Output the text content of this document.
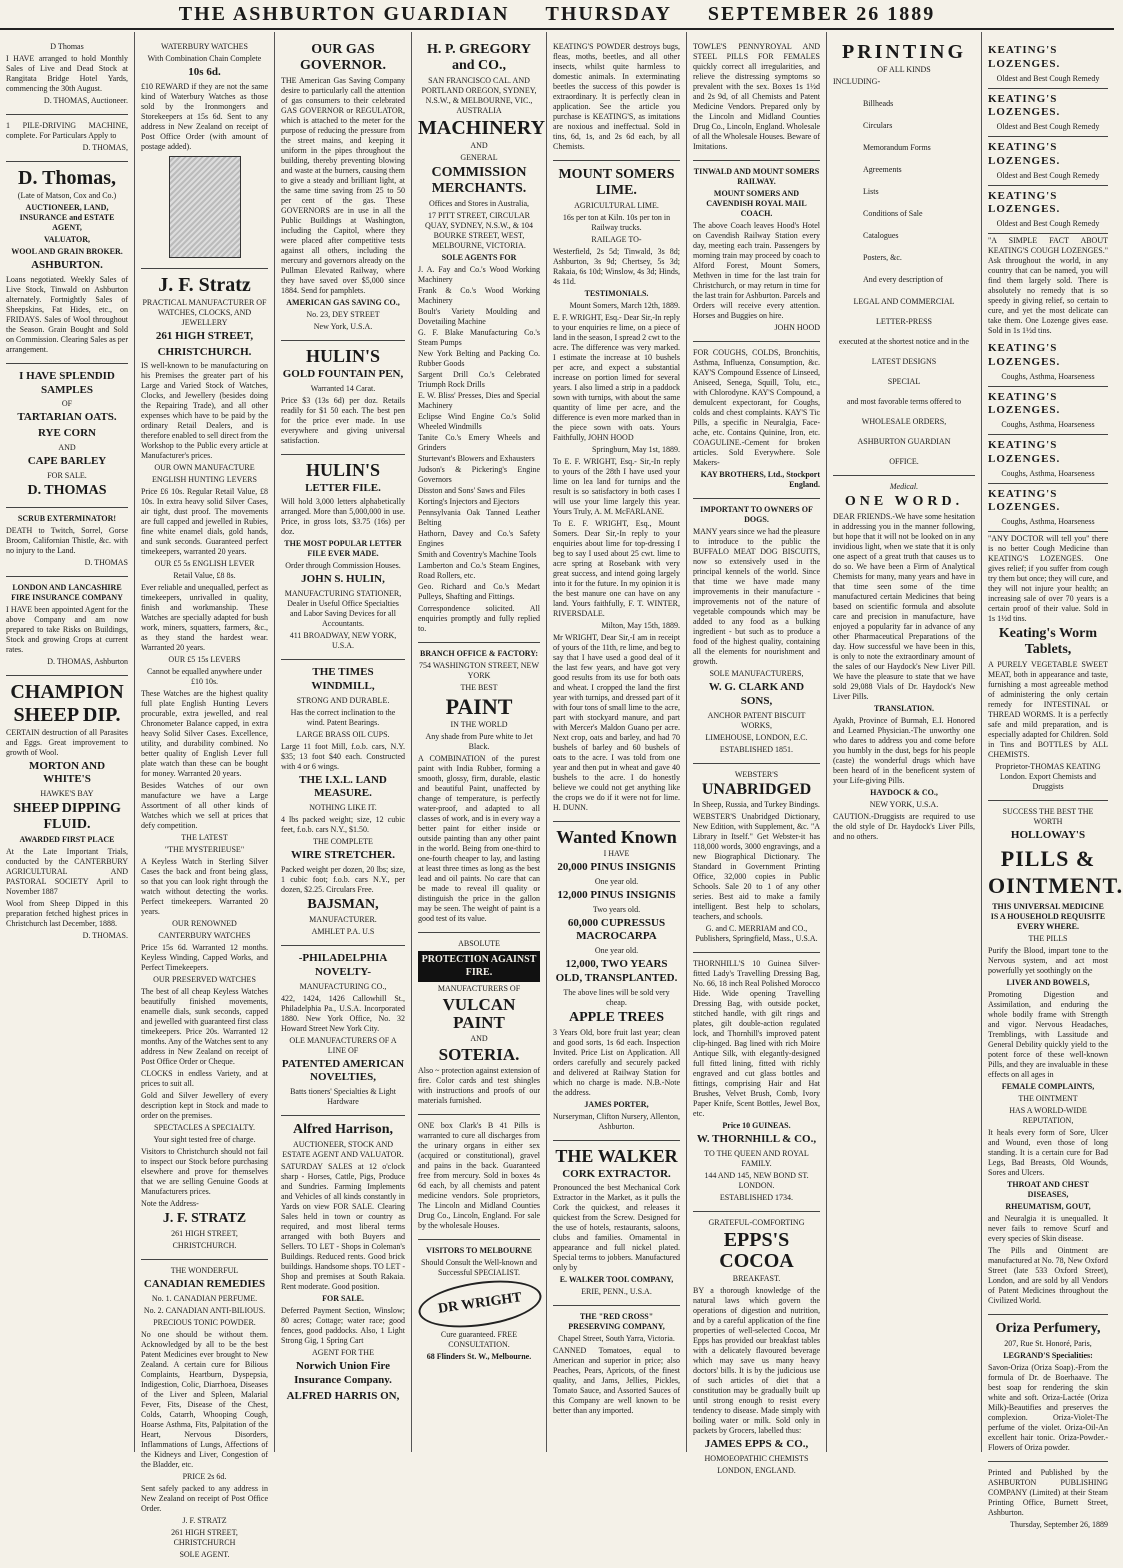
THE ASHBURTON GUARDIAN THURSDAY SEPTEMBER 26 1889

D Thomas

I HAVE arranged to hold Monthly Sales of Live and Dead Stock at Rangitata Bridge Hotel Yards, commencing the 30th August.

D. THOMAS, Auctioneer.

1 PILE-DRIVING MACHINE, complete. For Particulars Apply to

D. THOMAS,

D. Thomas,

(Late of Matson, Cox and Co.)

AUCTIONEER, LAND, INSURANCE and ESTATE AGENT,

VALUATOR,

WOOL AND GRAIN BROKER.

ASHBURTON.

Loans negotiated. Weekly Sales of Live Stock, Tinwald on Ashburton alternately. Fortnightly Sales of Sheepskins, Fat Hides, etc., on FRIDAYS. Sales of Wool throughout the Season. Grain Bought and Sold on Commission. Clearing Sales as per arrangement.

I HAVE SPLENDID SAMPLES

OF

TARTARIAN OATS.

RYE CORN

AND

CAPE BARLEY

FOR SALE.

D. THOMAS

SCRUB EXTERMINATOR!

DEATH to Twitch, Sorrel, Gorse Broom, Californian Thistle, &c. with no injury to the Land.

D. THOMAS

LONDON AND LANCASHIRE FIRE INSURANCE COMPANY

I HAVE been appointed Agent for the above Company and am now prepared to take Risks on Buildings, Stock and growing Crops at current rates.

D. THOMAS, Ashburton

CHAMPION

SHEEP DIP.

CERTAIN destruction of all Parasites and Eggs. Great improvement to growth of Wool.

MORTON AND WHITE'S

HAWKE'S BAY

SHEEP DIPPING FLUID.

AWARDED FIRST PLACE

At the Late Important Trials, conducted by the CANTERBURY AGRICULTURAL AND PASTORAL SOCIETY April to November 1887

Wool from Sheep Dipped in this preparation fetched highest prices in Christchurch last December, 1888.

D. THOMAS.

WATERBURY WATCHES

With Combination Chain Complete

10s 6d.

£10 REWARD if they are not the same kind of Waterbury Watches as those sold by the Ironmongers and Storekeepers at 15s 6d. Sent to any address in New Zealand on receipt of Post Office Order (with amount of postage added).

J. F. Stratz

PRACTICAL MANUFACTURER OF WATCHES, CLOCKS, AND JEWELLERY

261 HIGH STREET,

CHRISTCHURCH.

IS well-known to be manufacturing on his Premises the greater part of his Large and Varied Stock of Watches, Clocks, and Jewellery (besides doing the Repairing Trade), and all other expenses which have to be paid by the ordinary Retail Dealers, and is therefore enabled to sell direct from the Workshop to the Public every article at Manufacturer's prices.

OUR OWN MANUFACTURE

ENGLISH HUNTING LEVERS

Price £6 10s. Regular Retail Value, £8 10s. In extra heavy solid Silver Cases, air tight, dust proof. The movements are full capped and jewelled in Rubies, fine white enamel dials, gold hands, and sunk seconds. Guaranteed perfect timekeepers, warranted 20 years.

OUR £5 5s ENGLISH LEVER

Retail Value, £8 8s.

Ever reliable and unequalled, perfect as timekeepers, unrivalled in quality, finish and workmanship. These Watches are specially adapted for bush work, miners, squatters, farmers, &c., as they stand the hardest wear. Warranted 20 years.

OUR £5 15s LEVERS

Cannot be equalled anywhere under £10 10s.

These Watches are the highest quality full plate English Hunting Levers procurable, extra jewelled, and real Chronometer Balance capped, in extra heavy Solid Silver Cases. Excellence, utility, and durability combined. No better quality of English Lever full plate watch than these can be bought for money. Warranted 20 years.

Besides Watches of our own manufacture we have a Large Assortment of all other kinds of Watches which we sell at prices that defy competition.

THE LATEST

"THE MYSTERIEUSE"

A Keyless Watch in Sterling Silver Cases the back and front being glass, so that you can look right through the watch without detecting the works. Perfect timekeepers. Warranted 20 years.

OUR RENOWNED

CANTERBURY WATCHES

Price 15s 6d. Warranted 12 months. Keyless Winding, Capped Works, and Perfect Timekeepers.

OUR PRESERVED WATCHES

The best of all cheap Keyless Watches beautifully finished movements, enamelle dials, sunk seconds, capped and jewelled with guaranteed first class timekeepers. Price 20s. Warranted 12 months. Any of the Watches sent to any address in New Zealand on receipt of Post Office Order or Cheque.

CLOCKS in endless Variety, and at prices to suit all.

Gold and Silver Jewellery of every description kept in Stock and made to order on the premises.

SPECTACLES A SPECIALTY.

Your sight tested free of charge.

Visitors to Christchurch should not fail to inspect our Stock before purchasing elsewhere and prove for themselves that we are selling Genuine Goods at Manufacturers prices.

Note the Address-

J. F. STRATZ

261 HIGH STREET,

CHRISTCHURCH.

THE WONDERFUL

CANADIAN REMEDIES

No. 1. CANADIAN PERFUME.

No. 2. CANADIAN ANTI-BILIOUS.

PRECIOUS TONIC POWDER.

No one should be without them. Acknowledged by all to be the best Patent Medicines ever brought to New Zealand. A certain cure for Bilious Complaints, Heartburn, Dyspepsia, Indigestion, Colic, Diarrhoea, Diseases of the Liver and Spleen, Malarial Fever, Fits, Disease of the Chest, Colds, Catarrh, Whooping Cough, Hoarse Asthma, Fits, Palpitation of the Heart, Nervous Disorders, Inflammations of Lungs, Affections of the Kidneys and Liver, Congestion of the Bladder, etc.

PRICE 2s 6d.

Sent safely packed to any address in New Zealand on receipt of Post Office Order.

J. F. STRATZ

261 HIGH STREET, CHRISTCHURCH

SOLE AGENT.

OUR GAS GOVERNOR.

THE American Gas Saving Company desire to particularly call the attention of gas consumers to their celebrated GAS GOVERNOR or REGULATOR, which is attached to the meter for the purpose of reducing the pressure from the street mains, and keeping it uniform in the pipes throughout the building, thereby preventing blowing and waste at the burners, causing them to give a steady and brilliant light, at the same time saving from 25 to 50 per cent of the gas. These GOVERNORS are in use in all the Public Buildings at Washington, including the Capitol, where they were placed after competitive tests against all others, including the mercury and governors already on the Pullman Elevated Railway, where they have saved over $5,000 since 1884. Send for pamphlets.

AMERICAN GAS SAVING CO.,

No. 23, DEY STREET

New York, U.S.A.

HULIN'S

GOLD FOUNTAIN PEN,

Warranted 14 Carat.

Price $3 (13s 6d) per doz. Retails readily for $1 50 each. The best pen for the price ever made. In use everywhere and giving universal satisfaction.

HULIN'S

LETTER FILE.

Will hold 3,000 letters alphabetically arranged. More than 5,000,000 in use. Price, in gross lots, $3.75 (16s) per doz.

THE MOST POPULAR LETTER FILE EVER MADE.

Order through Commission Houses.

JOHN S. HULIN,

MANUFACTURING STATIONER, Dealer in Useful Office Specialties and Labor Saving Devices for all Accountants.

411 BROADWAY, NEW YORK, U.S.A.

THE TIMES WINDMILL,

STRONG AND DURABLE.

Has the correct inclination to the wind. Patent Bearings.

LARGE BRASS OIL CUPS.

Large 11 foot Mill, f.o.b. cars, N.Y. $35; 13 foot $40 each. Constructed with 4 or 6 wings.

THE I.X.L. LAND MEASURE.

NOTHING LIKE IT.

4 lbs packed weight; size, 12 cubic feet, f.o.b. cars N.Y., $1.50.

THE COMPLETE

WIRE STRETCHER.

Packed weight per dozen, 20 lbs; size, 1 cubic foot; f.o.b. cars N.Y., per dozen, $2.25. Circulars Free.

BAJSMAN,

MANUFACTURER.

AMHLET P.A. U.S

-PHILADELPHIA NOVELTY-

MANUFACTURING CO.,

422, 1424, 1426 Callowhill St., Philadelphia Pa., U.S.A. Incorporated 1880. New York Office, No. 32 Howard Street New York City.

OLE MANUFACTURERS OF A LINE OF

PATENTED AMERICAN NOVELTIES,

Batts tioners' Specialties & Light Hardware

Alfred Harrison,

AUCTIONEER, STOCK AND ESTATE AGENT AND VALUATOR.

SATURDAY SALES at 12 o'clock sharp - Horses, Cattle, Pigs, Produce and Sundries. Farming Implements and Vehicles of all kinds constantly in Yards on view FOR SALE. Clearing Sales held in town or country as required, and most liberal terms arranged with both Buyers and Sellers. TO LET - Shops in Coleman's Buildings. Reduced rents. Good brick buildings. Handsome shops. TO LET - Shop and premises at South Rakaia. Rent moderate. Good position.

FOR SALE.

Deferred Payment Section, Winslow; 80 acres; Cottage; water race; good fences, good paddocks. Also, 1 Light Strong Gig, 1 Spring Cart

AGENT FOR THE

Norwich Union Fire Insurance Company.

ALFRED HARRIS ON,

H. P. GREGORY and CO.,

SAN FRANCISCO CAL. AND PORTLAND OREGON, SYDNEY, N.S.W., & MELBOURNE, VIC., AUSTRALIA

MACHINERY

AND

GENERAL

COMMISSION MERCHANTS.

Offices and Stores in Australia,

17 PITT STREET, CIRCULAR QUAY, SYDNEY, N.S.W., & 104 BOURKE STREET, WEST, MELBOURNE, VICTORIA.

SOLE AGENTS FOR

J. A. Fay and Co.'s Wood Working Machinery

Frank & Co.'s Wood Working Machinery

Boult's Variety Moulding and Dovetailing Machine

G. F. Blake Manufacturing Co.'s Steam Pumps

New York Belting and Packing Co. Rubber Goods

Sargent Drill Co.'s Celebrated Triumph Rock Drills

E. W. Bliss' Presses, Dies and Special Machinery

Eclipse Wind Engine Co.'s Solid Wheeled Windmills

Tanite Co.'s Emery Wheels and Grinders

Sturtevant's Blowers and Exhausters

Judson's & Pickering's Engine Governors

Disston and Sons' Saws and Files

Korting's Injectors and Ejectors

Pennsylvania Oak Tanned Leather Belting

Hathorn, Davey and Co.'s Safety Engines

Smith and Coventry's Machine Tools

Lamberton and Co.'s Steam Engines, Road Rollers, etc.

Geo. Richard and Co.'s Medart Pulleys, Shafting and Fittings.

Correspondence solicited. All enquiries promptly and fully replied to.

BRANCH OFFICE & FACTORY:

754 WASHINGTON STREET, NEW YORK

THE BEST

PAINT

IN THE WORLD

Any shade from Pure white to Jet Black.

A COMBINATION of the purest paint with India Rubber, forming a smooth, glossy, firm, durable, elastic and beautiful Paint, unaffected by change of temperature, is perfectly water-proof, and adapted to all classes of work, and is in every way a better paint for either inside or outside painting than any other paint in the world. Being from one-third to one-fourth cheaper to lay, and lasting at least three times as long as the best lead and oil paints. No care that can be made to reveal ill quality or distinguish the price in the gallon may be seen. The weight of paint is a good test of its value.

ABSOLUTE

PROTECTION AGAINST FIRE.

MANUFACTURERS OF

VULCAN PAINT

AND

SOTERIA.

Also ~ protection against extension of fire. Color cards and test shingles with instructions and proofs of our materials furnished.

ONE box Clark's B 41 Pills is warranted to cure all discharges from the urinary organs in either sex (acquired or constitutional), gravel and pains in the back. Guaranteed free from mercury. Sold in boxes 4s 6d each, by all chemists and patent medicine vendors. Sole proprietors, The Lincoln and Midland Counties Drug Co., Lincoln, England. For sale by the wholesale Houses.

VISITORS TO MELBOURNE

Should Consult the Well-known and Successful SPECIALIST.

DR WRIGHT

Cure guaranteed. FREE CONSULTATION.

68 Flinders St. W., Melbourne.

KEATING'S POWDER destroys bugs, fleas, moths, beetles, and all other insects, whilst quite harmless to domestic animals. In exterminating beetles the success of this powder is extraordinary. It is perfectly clean in application. See the article you purchase is KEATING'S, as imitations are noxious and ineffectual. Sold in tins, 6d, 1s, and 2s 6d each, by all Chemists.

MOUNT SOMERS LIME.

AGRICULTURAL LIME.

16s per ton at Kiln. 10s per ton in Railway trucks.

RAILAGE TO-

Westerfield, 2s 5d; Tinwald, 3s 8d; Ashburton, 3s 9d; Chertsey, 5s 3d; Rakaia, 6s 10d; Winslow, 4s 3d; Hinds, 4s 11d.

TESTIMONIALS.

Mount Somers, March 12th, 1889.

E. F. WRIGHT, Esq.- Dear Sir,-In reply to your enquiries re lime, on a piece of land in the season, I spread 2 cwt to the acre. The difference was very marked. I estimate the increase at 10 bushels per acre, and expect a substantial increase on portion limed for several years. I also limed a strip in a paddock sown with turnips, with about the same quantity of lime per acre, and the difference is even more marked than in the piece sown with oats. Yours Faithfully, JOHN HOOD

Springburn, May 1st, 1889.

To E. F. WRIGHT, Esq.- Sir,-In reply to yours of the 28th I have used your lime on lea land for turnips and the result is so satisfactory in both cases I will use your lime largely this year. Yours Truly, A. M. McFARLANE.

To E. F. WRIGHT, Esq., Mount Somers. Dear Sir,-In reply to your enquiries about lime for top-dressing I beg to say I used about 25 cwt. lime to acre spring at Rosebank with very great success, and intend going largely into it for the future. In my opinion it is the best manure one can have on any land. Yours faithfully, F. T. WINTER, RIVERSDALE.

Milton, May 15th, 1889.

Mr WRIGHT, Dear Sir,-I am in receipt of yours of the 11th, re lime, and beg to say that I have used a good deal of it the last few years, and have got very good results from its use for both oats and wheat. I cropped the land the first year with turnips, and dressed part of it with four tons of small lime to the acre, part with stockyard manure, and part with Mercer's Maldon Guano per acre. Next crop, oats and barley, and had 70 bushels of barley and 60 bushels of oats to the acre. I was told from one year and then put in wheat and gave 40 bushels to the acre. I do honestly believe we could not get anything like the crops we do if it were not for lime. H. DUNN.

Wanted Known

I HAVE

20,000 PINUS INSIGNIS

One year old.

12,000 PINUS INSIGNIS

Two years old.

60,000 CUPRESSUS MACROCARPA

One year old.

12,000, TWO YEARS OLD, TRANSPLANTED.

The above lines will be sold very cheap.

APPLE TREES

3 Years Old, bore fruit last year; clean and good sorts, 1s 6d each. Inspection Invited. Price List on Application. All orders carefully and securely packed and delivered at Railway Station for which no charge is made. N.B.-Note the address.

JAMES PORTER,

Nurseryman, Clifton Nursery, Allenton, Ashburton.

THE WALKER

CORK EXTRACTOR.

Pronounced the best Mechanical Cork Extractor in the Market, as it pulls the Cork the quickest, and releases it quickest from the Screw. Designed for the use of hotels, restaurants, saloons, clubs and families. Ornamental in appearance and full nickel plated. Special terms to jobbers. Manufactured only by

E. WALKER TOOL COMPANY,

ERIE, PENN., U.S.A.

THE "RED CROSS" PRESERVING COMPANY,

Chapel Street, South Yarra, Victoria.

CANNED Tomatoes, equal to American and superior in price; also Peaches, Pears, Apricots, of the finest quality, and Jams, Jellies, Pickles, Tomato Sauce, and Assorted Sauces of this Company are well known to be better than any imported.

TOWLE'S PENNYROYAL AND STEEL PILLS FOR FEMALES quickly correct all irregularities, and relieve the distressing symptoms so prevalent with the sex. Boxes 1s 1½d and 2s 9d, of all Chemists and Patent Medicine Vendors. Prepared only by the Lincoln and Midland Counties Drug Co., Lincoln, England. Wholesale of all the Wholesale Houses. Beware of Imitations.

TINWALD AND MOUNT SOMERS RAILWAY.

MOUNT SOMERS AND CAVENDISH ROYAL MAIL COACH.

The above Coach leaves Hood's Hotel on Cavendish Railway Station every day, meeting each train. Passengers by morning train may proceed by coach to Alford Forest, Mount Somers, Methven in time for the last train for Christchurch, or may return in time for the last train for Ashburton. Parcels and Orders will receive every attention. Horses and Buggies on hire.

JOHN HOOD

FOR COUGHS, COLDS, Bronchitis, Asthma, Influenza, Consumption, &c. KAY'S Compound Essence of Linseed, Aniseed, Senega, Squill, Tolu, etc., with Chlorodyne. KAY'S Compound, a demulcent expectorant, for Coughs, colds and chest complaints. KAY'S Tic Pills, a specific in Neuralgia, Face-ache, etc. Contains Quinine, Iron, etc. COAGULINE.-Cement for broken articles. Sold Everywhere. Sole Makers-

KAY BROTHERS, Ltd., Stockport England.

IMPORTANT TO OWNERS OF DOGS.

MANY years since we had the pleasure to introduce to the public the BUFFALO MEAT DOG BISCUITS, now so extensively used in the principal kennels of the world. Since that time we have made many improvements in their manufacture - improvements not of the nature of vegetable compounds which may be added to any food as a bulking ingredient - but such as to produce a food of the highest quality, containing all the elements for nourishment and growth.

SOLE MANUFACTURERS,

W. G. CLARK AND SONS,

ANCHOR PATENT BISCUIT WORKS,

LIMEHOUSE, LONDON, E.C.

ESTABLISHED 1851.

WEBSTER'S

UNABRIDGED

In Sheep, Russia, and Turkey Bindings.

WEBSTER'S Unabridged Dictionary, New Edition, with Supplement, &c. "A Library in Itself." Get Webster-it has 118,000 words, 3000 engravings, and a new Biographical Dictionary. The Standard in Government Printing Office, 32,000 copies in Public Schools. Sale 20 to 1 of any other series. Best aid to make a family intelligent. Best help to scholars, teachers, and schools.

G. and C. MERRIAM and CO., Publishers, Springfield, Mass., U.S.A.

THORNHILL'S 10 Guinea Silver-fitted Lady's Travelling Dressing Bag, No. 66, 18 inch Real Polished Morocco Hide. Wide opening Travelling Dressing Bag, with outside pocket, stitched handle, with gilt rings and plates, gilt double-action regulated lock, and Thornhill's improved patent clip-hinged. Bag lined with rich Moire Antique Silk, with elegantly-designed full fitted lining, fitted with richly engraved and cut glass bottles and fittings, comprising Hair and Hat Brushes, Velvet Brush, Comb, Ivory Paper Knife, Scent Bottles, Jewel Box, etc.

Price 10 GUINEAS.

W. THORNHILL & CO.,

TO THE QUEEN AND ROYAL FAMILY.

144 AND 145, NEW BOND ST. LONDON.

ESTABLISHED 1734.

GRATEFUL-COMFORTING

EPPS'S COCOA

BREAKFAST.

BY a thorough knowledge of the natural laws which govern the operations of digestion and nutrition, and by a careful application of the fine properties of well-selected Cocoa, Mr Epps has provided our breakfast tables with a delicately flavoured beverage which may save us many heavy doctors' bills. It is by the judicious use of such articles of diet that a constitution may be gradually built up until strong enough to resist every tendency to disease. Made simply with boiling water or milk. Sold only in packets by Grocers, labelled thus:

JAMES EPPS & CO.,

HOMOEOPATHIC CHEMISTS

LONDON, ENGLAND.

PRINTING

OF ALL KINDS

INCLUDING-

Billheads

Circulars

Memorandum Forms

Agreements

Lists

Conditions of Sale

Catalogues

Posters, &c.

And every description of

LEGAL AND COMMERCIAL

LETTER-PRESS

executed at the shortest notice and in the

LATEST DESIGNS

SPECIAL

and most favorable terms offered to

WHOLESALE ORDERS,

ASHBURTON GUARDIAN

OFFICE.

Medical.

ONE WORD.

DEAR FRIENDS.-We have some hesitation in addressing you in the manner following, but hope that it will not be looked on in any invidious light, when we state that it is only one aspect of a great truth that causes us to do so. We have been a Firm of Analytical Chemists for many, many years and have in that time seen some of the time manufactured certain Medicines that being based on scientific formula and absolute care and precision in manufacture, have enjoyed a popularity far in advance of any other Pharmaceutical Preparations of the day. How successful we have been in this, is only to note the extraordinary amount of the sales of our Haydock's New Liver Pill. We have the pleasure to state that we have sold 29,088 Vials of Dr. Haydock's New Liver Pills.

TRANSLATION.

Ayakh, Province of Burmah, E.I. Honored and Learned Physician.-The unworthy one who dares to address you and come before you humbly in the dust, begs for his people (caste) the wonderful drugs which have been heard of in the beneficent system of your Life-giving Pills.

HAYDOCK & CO.,

NEW YORK, U.S.A.

CAUTION.-Druggists are required to use the old style of Dr. Haydock's Liver Pills, and no others.

KEATING'S LOZENGES.

Oldest and Best Cough Remedy

KEATING'S LOZENGES.

Oldest and Best Cough Remedy

KEATING'S LOZENGES.

Oldest and Best Cough Remedy

KEATING'S LOZENGES.

Oldest and Best Cough Remedy

"A SIMPLE FACT ABOUT KEATING'S COUGH LOZENGES." Ask throughout the world, in any country that can be named, you will find them largely sold. There is absolutely no remedy that is so speedy in giving relief, so certain to cure, and yet the most delicate can take them. One Lozenge gives ease. Sold in 1s 1½d tins.

KEATING'S LOZENGES.

Coughs, Asthma, Hoarseness

KEATING'S LOZENGES.

Coughs, Asthma, Hoarseness

KEATING'S LOZENGES.

Coughs, Asthma, Hoarseness

KEATING'S LOZENGES.

Coughs, Asthma, Hoarseness

"ANY DOCTOR will tell you" there is no better Cough Medicine than KEATING'S LOZENGES. One gives relief; if you suffer from cough try them but once; they will cure, and they will not injure your health; an increasing sale of over 70 years is a certain proof of their value. Sold in 1s 1½d tins.

Keating's Worm Tablets,

A PURELY VEGETABLE SWEET MEAT, both in appearance and taste, furnishing a most agreeable method of administering the only certain remedy for INTESTINAL or THREAD WORMS. It is a perfectly safe and mild preparation, and is especially adapted for Children. Sold in Tins and BOTTLES by ALL CHEMISTS.

Proprietor-THOMAS KEATING London. Export Chemists and Druggists

SUCCESS THE BEST THE WORTH

HOLLOWAY'S

PILLS & OINTMENT.

THIS UNIVERSAL MEDICINE IS A HOUSEHOLD REQUISITE EVERY WHERE.

THE PILLS

Purify the Blood, impart tone to the Nervous system, and act most powerfully yet soothingly on the

LIVER AND BOWELS,

Promoting Digestion and Assimilation, and enduring the whole bodily frame with Strength and vigor. Nervous Headaches, Tremblings, with Lassitude and General Debility quickly yield to the potent force of these well-known Pills, and they are invaluable in these effects on all ages in

FEMALE COMPLAINTS,

THE OINTMENT

HAS A WORLD-WIDE REPUTATION,

It heals every form of Sore, Ulcer and Wound, even those of long standing. It is a certain cure for Bad Legs, Bad Breasts, Old Wounds, Sores and Ulcers.

THROAT AND CHEST DISEASES,

RHEUMATISM, GOUT,

and Neuralgia it is unequalled. It never fails to remove Scurf and every species of Skin disease.

The Pills and Ointment are manufactured at No. 78, New Oxford Street (late 533 Oxford Street), London, and are sold by all Vendors of Patent Medicines throughout the Civilized World.

Oriza Perfumery,

207, Rue St. Honoré, Paris,

LEGRAND'S Specialities:

Savon-Oriza (Oriza Soap).-From the formula of Dr. de Boerhaave. The best soap for rendering the skin white and soft. Oriza-Lactée (Oriza Milk)-Beautifies and preserves the complexion. Oriza-Violet-The perfume of the violet. Oriza-Oil-An excellent hair tonic. Oriza-Powder.-Flowers of Oriza powder.

Printed and Published by the ASHBURTON PUBLISHING COMPANY (Limited) at their Steam Printing Office, Burnett Street, Ashburton.

Thursday, September 26, 1889
